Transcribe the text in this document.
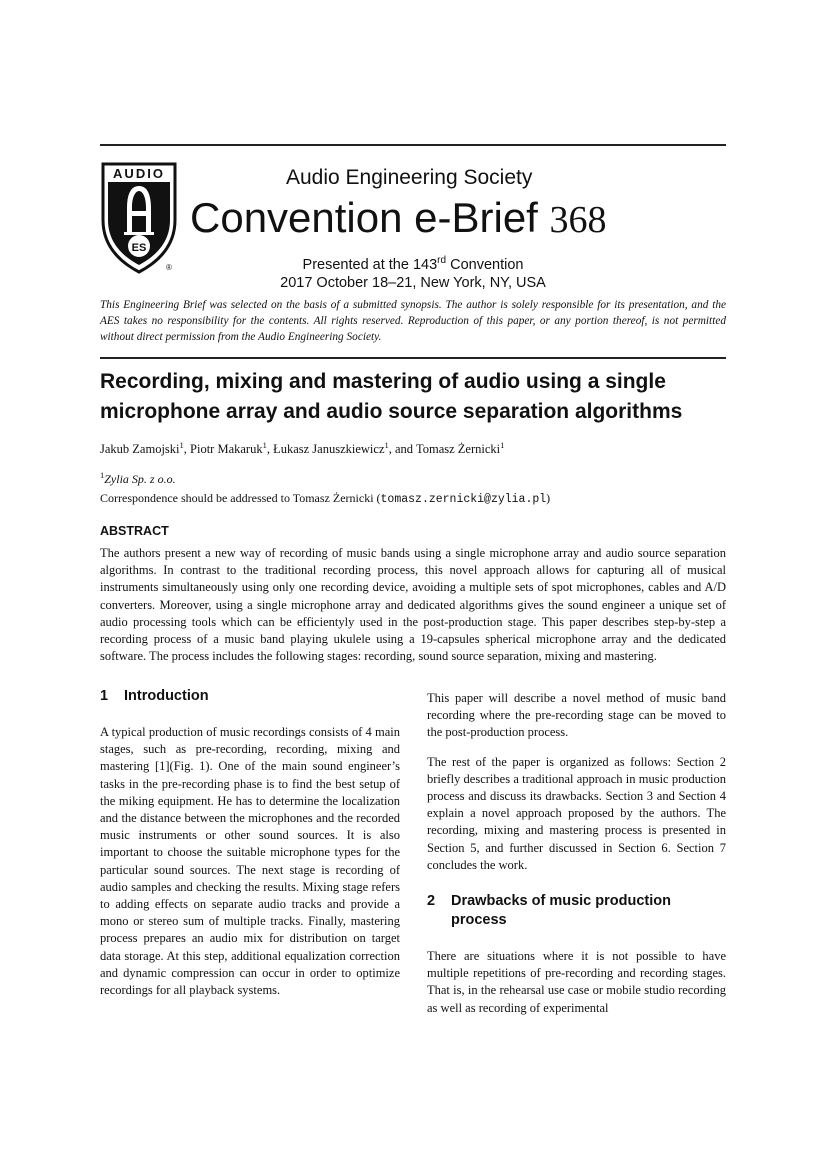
AUDIO
ES
®
Audio Engineering Society
Convention e-Brief 368
Presented at the 143rd Convention
2017 October 18–21, New York, NY, USA
This Engineering Brief was selected on the basis of a submitted synopsis. The author is solely responsible for its presentation, and the AES takes no responsibility for the contents. All rights reserved. Reproduction of this paper, or any portion thereof, is not permitted without direct permission from the Audio Engineering Society.
Recording, mixing and mastering of audio using a single microphone array and audio source separation algorithms
Jakub Zamojski$^1$, Piotr Makaruk$^1$, Łukasz Januszkiewicz$^1$, and Tomasz Żernicki$^1$
$^1$Zylia Sp. z o.o.
Correspondence should be addressed to Tomasz Żernicki (tomasz.zernicki@zylia.pl)
ABSTRACT
The authors present a new way of recording of music bands using a single microphone array and audio source separation algorithms. In contrast to the traditional recording process, this novel approach allows for capturing all of musical instruments simultaneously using only one recording device, avoiding a multiple sets of spot microphones, cables and A/D converters. Moreover, using a single microphone array and dedicated algorithms gives the sound engineer a unique set of audio processing tools which can be efficientyly used in the post-production stage. This paper describes step-by-step a recording process of a music band playing ukulele using a 19-capsules spherical microphone array and the dedicated software. The process includes the following stages: recording, sound source separation, mixing and mastering.
1 Introduction

A typical production of music recordings consists of 4 main stages, such as pre-recording, recording, mixing and mastering [1](Fig. 1). One of the main sound engineer’s tasks in the pre-recording phase is to find the best setup of the miking equipment. He has to determine the localization and the distance between the microphones and the recorded music instruments or other sound sources. It is also important to choose the suitable microphone types for the particular sound sources. The next stage is recording of audio samples and checking the results. Mixing stage refers to adding effects on separate audio tracks and provide a mono or stereo sum of multiple tracks. Finally, mastering process prepares an audio mix for distribution on target data storage. At this step, additional equalization correction and dynamic compression can occur in order to optimize recordings for all playback systems.

This paper will describe a novel method of music band recording where the pre-recording stage can be moved to the post-production process.

The rest of the paper is organized as follows: Section 2 briefly describes a traditional approach in music production process and discuss its drawbacks. Section 3 and Section 4 explain a novel approach proposed by the authors. The recording, mixing and mastering process is presented in Section 5, and further discussed in Section 6. Section 7 concludes the work.

2 Drawbacks of music production process

There are situations where it is not possible to have multiple repetitions of pre-recording and recording stages. That is, in the rehearsal use case or mobile studio recording as well as recording of experimental
